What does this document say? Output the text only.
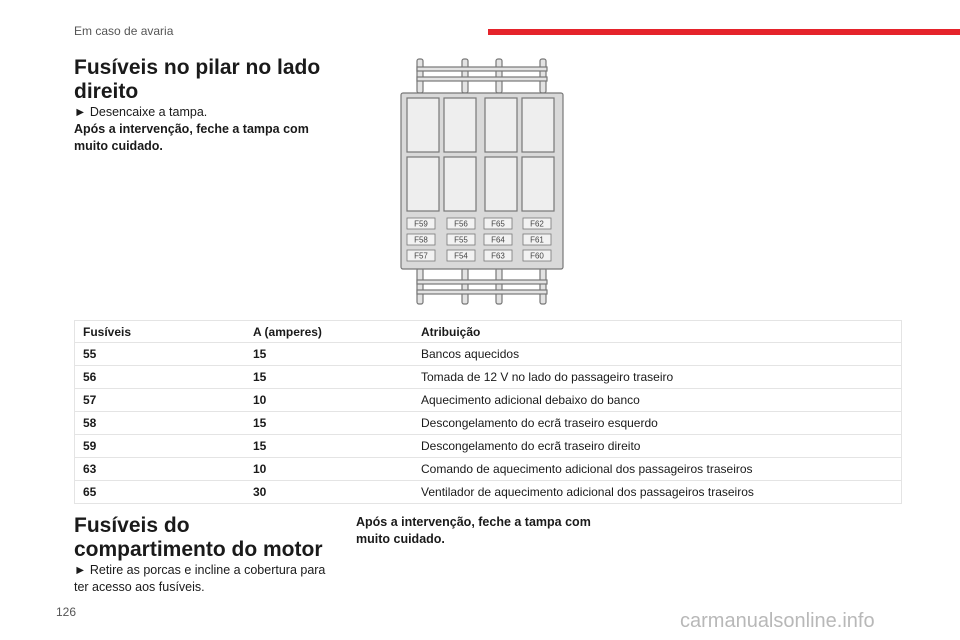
Em caso de avaria
Fusíveis no pilar no lado direito
► Desencaixe a tampa.
Após a intervenção, feche a tampa com muito cuidado.
F59	F56	F65	F62
F58	F55	F64	F61
F57	F54	F63	F60
Fusíveis	A (amperes)	Atribuição
55	15	Bancos aquecidos
56	15	Tomada de 12 V no lado do passageiro traseiro
57	10	Aquecimento adicional debaixo do banco
58	15	Descongelamento do ecrã traseiro esquerdo
59	15	Descongelamento do ecrã traseiro direito
63	10	Comando de aquecimento adicional dos passageiros traseiros
65	30	Ventilador de aquecimento adicional dos passageiros traseiros
Fusíveis do compartimento do motor
► Retire as porcas e incline a cobertura para ter acesso aos fusíveis.
Após a intervenção, feche a tampa com muito cuidado.
126	carmanualsonline.info
